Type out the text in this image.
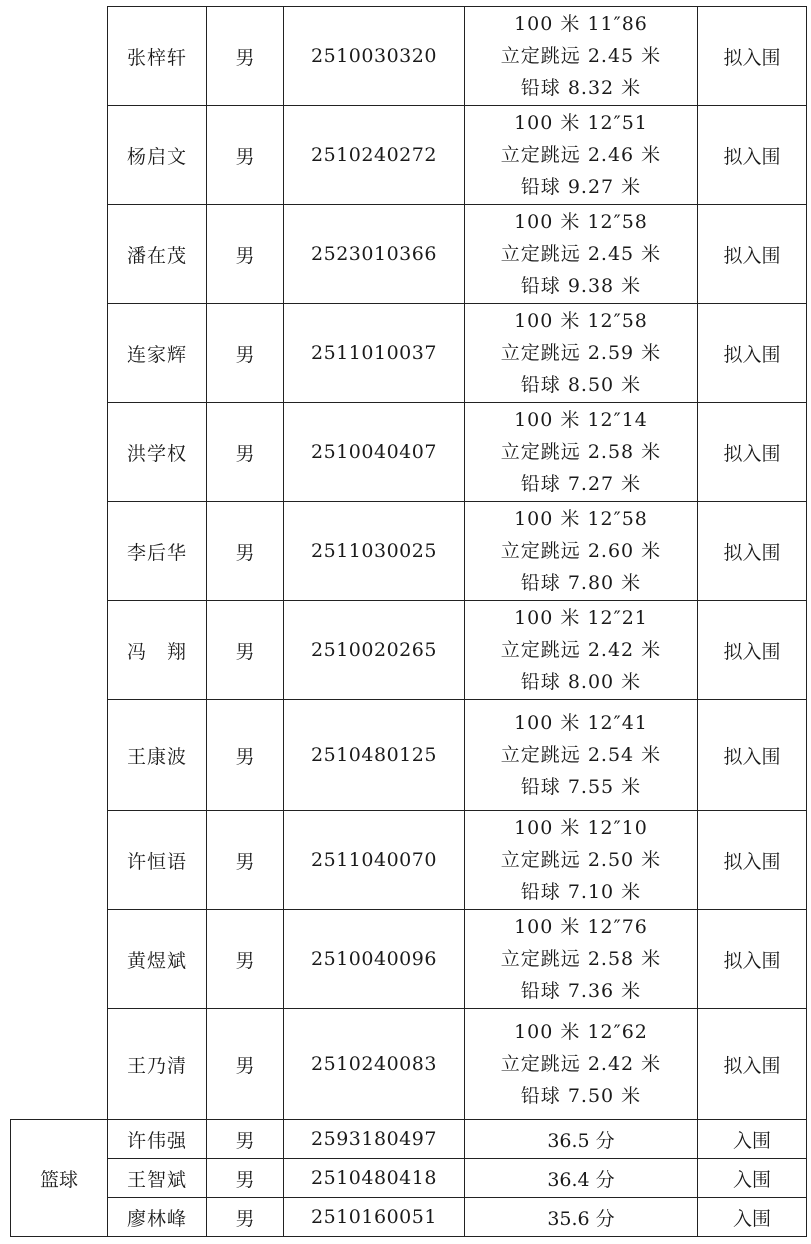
	张梓轩	男	2510030320	100 米 11″86
立定跳远 2.45 米
铅球 8.32 米	拟入围
	杨启文	男	2510240272	100 米 12″51
立定跳远 2.46 米
铅球 9.27 米	拟入围
	潘在茂	男	2523010366	100 米 12″58
立定跳远 2.45 米
铅球 9.38 米	拟入围
	连家辉	男	2511010037	100 米 12″58
立定跳远 2.59 米
铅球 8.50 米	拟入围
	洪学权	男	2510040407	100 米 12″14
立定跳远 2.58 米
铅球 7.27 米	拟入围
	李后华	男	2511030025	100 米 12″58
立定跳远 2.60 米
铅球 7.80 米	拟入围
	冯　翔	男	2510020265	100 米 12″21
立定跳远 2.42 米
铅球 8.00 米	拟入围
	王康波	男	2510480125	100 米 12″41
立定跳远 2.54 米
铅球 7.55 米	拟入围
	许恒语	男	2511040070	100 米 12″10
立定跳远 2.50 米
铅球 7.10 米	拟入围
	黄煜斌	男	2510040096	100 米 12″76
立定跳远 2.58 米
铅球 7.36 米	拟入围
	王乃清	男	2510240083	100 米 12″62
立定跳远 2.42 米
铅球 7.50 米	拟入围
篮球	许伟强	男	2593180497	36.5 分	入围
	王智斌	男	2510480418	36.4 分	入围
	廖林峰	男	2510160051	35.6 分	入围
